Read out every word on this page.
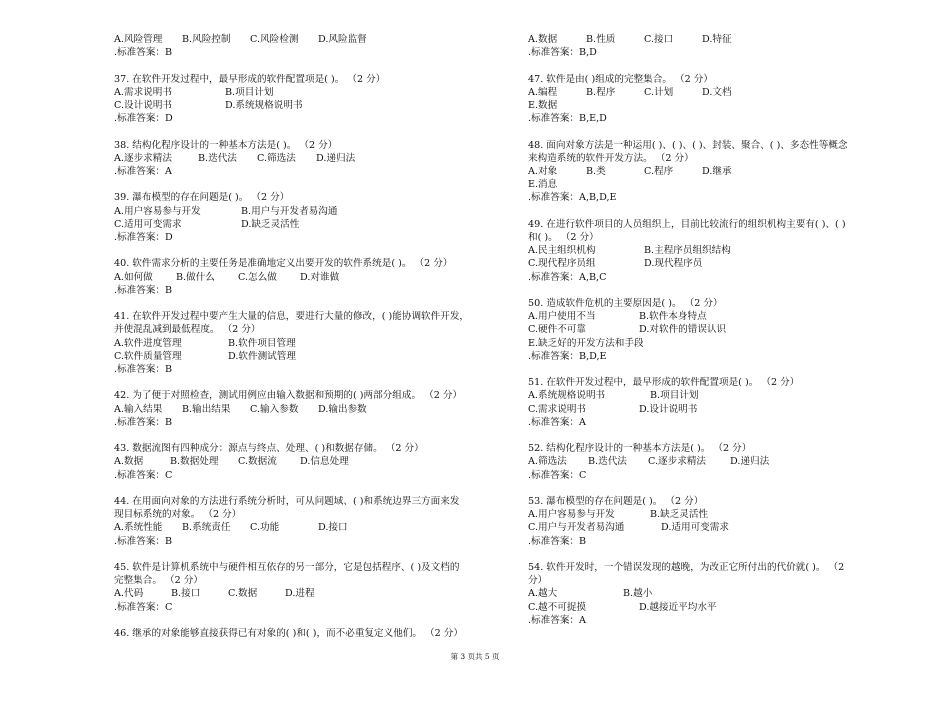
A.风险管理 B.风险控制 C.风险检测 D.风险监督
.标准答案：B
37. 在软件开发过程中，最早形成的软件配置项是( )。 （2 分）
A.需求说明书	B.项目计划
C.设计说明书	D.系统规格说明书
.标准答案：D
38. 结构化程序设计的一种基本方法是( )。 （2 分）
A.逐步求精法	B.迭代法 C.筛选法 D.递归法
.标准答案：A
39. 瀑布模型的存在问题是( )。 （2 分）
A.用户容易参与开发	B.用户与开发者易沟通
C.适用可变需求	D.缺乏灵活性
.标准答案：D
40. 软件需求分析的主要任务是准确地定义出要开发的软件系统是( )。 （2 分）
A.如何做 B.做什么 C.怎么做 D.对谁做
.标准答案：B
41. 在软件开发过程中要产生大量的信息，要进行大量的修改，( )能协调软件开发，
并使混乱减到最低程度。 （2 分）
A.软件进度管理	B.软件项目管理
C.软件质量管理	D.软件测试管理
.标准答案：B
42. 为了便于对照检查，测试用例应由输入数据和预期的( )两部分组成。 （2 分）
A.输入结果 B.输出结果 C.输入参数 D.输出参数
.标准答案：B
43. 数据流图有四种成分：源点与终点、处理、( )和数据存储。 （2 分）
A.数据	B.数据处理 C.数据流 D.信息处理
.标准答案：C
44. 在用面向对象的方法进行系统分析时，可从问题域、( )和系统边界三方面来发
现目标系统的对象。 （2 分）
A.系统性能 B.系统责任 C.功能	D.接口
.标准答案：B
45. 软件是计算机系统中与硬件相互依存的另一部分，它是包括程序、( )及文档的
完整集合。 （2 分）
A.代码	B.接口	C.数据	D.进程
.标准答案：C
46. 继承的对象能够直接获得已有对象的( )和( )，而不必重复定义他们。 （2 分）
A.数据	B.性质	C.接口	D.特征
.标准答案：B,D
47. 软件是由( )组成的完整集合。 （2 分）
A.编程	B.程序	C.计划	D.文档
E.数据
.标准答案：B,E,D
48. 面向对象方法是一种运用( )、( )、( )、封装、聚合、( )、多态性等概念
来构造系统的软件开发方法。 （2 分）
A.对象	B.类	C.程序	D.继承
E.消息
.标准答案：A,B,D,E
49. 在进行软件项目的人员组织上，目前比较流行的组织机构主要有( )、( )
和( )。 （2 分）
A.民主组织机构	B.主程序员组织结构
C.现代程序员组	D.现代程序员
.标准答案：A,B,C
50. 造成软件危机的主要原因是( )。 （2 分）
A.用户使用不当	B.软件本身特点
C.硬件不可靠	D.对软件的错误认识
E.缺乏好的开发方法和手段
.标准答案：B,D,E
51. 在软件开发过程中，最早形成的软件配置项是( )。 （2 分）
A.系统规格说明书	B.项目计划
C.需求说明书	D.设计说明书
.标准答案：A
52. 结构化程序设计的一种基本方法是( )。 （2 分）
A.筛选法 B.迭代法 C.逐步求精法 D.递归法
.标准答案：C
53. 瀑布模型的存在问题是( )。 （2 分）
A.用户容易参与开发	B.缺乏灵活性
C.用户与开发者易沟通	D.适用可变需求
.标准答案：B
54. 软件开发时，一个错误发现的越晚，为改正它所付出的代价就( )。 （2
分）
A.越大	B.越小
C.越不可捉摸	D.越接近平均水平
.标准答案：A
第 3 页共 5 页
